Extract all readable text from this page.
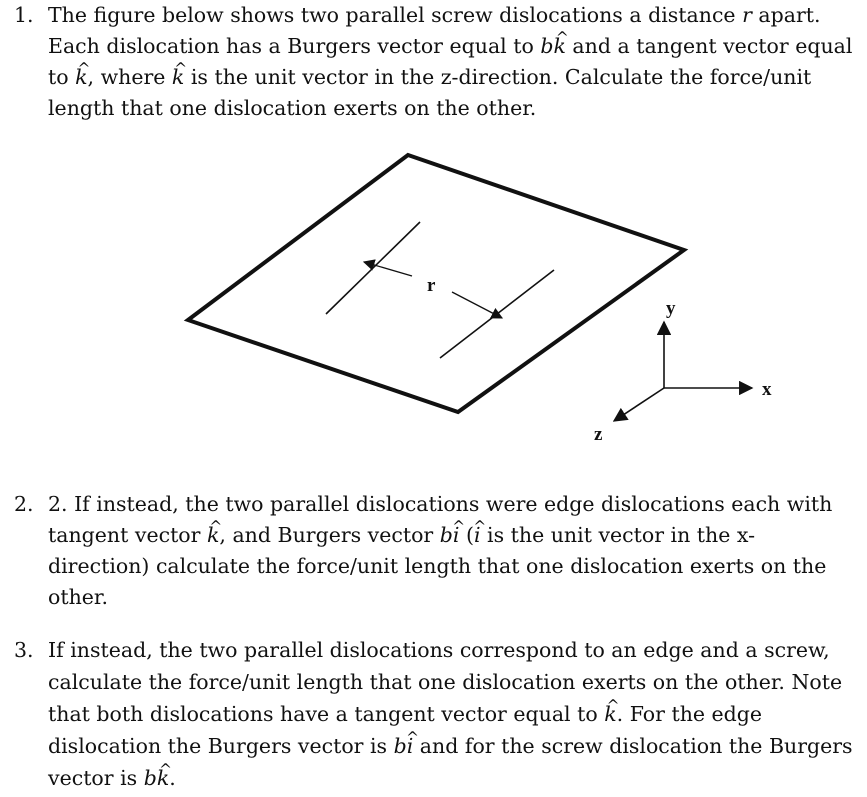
1. The figure below shows two parallel screw dislocations a distance r apart.
Each dislocation has a Burgers vector equal to b^ k and a tangent vector equal
to ^ k, where ^ k is the unit vector in the z-direction. Calculate the force/unit
length that one dislocation exerts on the other.
r
y
x
z
2. 2. If instead, the two parallel dislocations were edge dislocations each with
tangent vector ^ k, and Burgers vector b^ i (^ i is the unit vector in the x-
direction) calculate the force/unit length that one dislocation exerts on the
other.
3. If instead, the two parallel dislocations correspond to an edge and a screw,
calculate the force/unit length that one dislocation exerts on the other. Note
that both dislocations have a tangent vector equal to ^ k. For the edge
dislocation the Burgers vector is b^ i and for the screw dislocation the Burgers
vector is b^ k.
